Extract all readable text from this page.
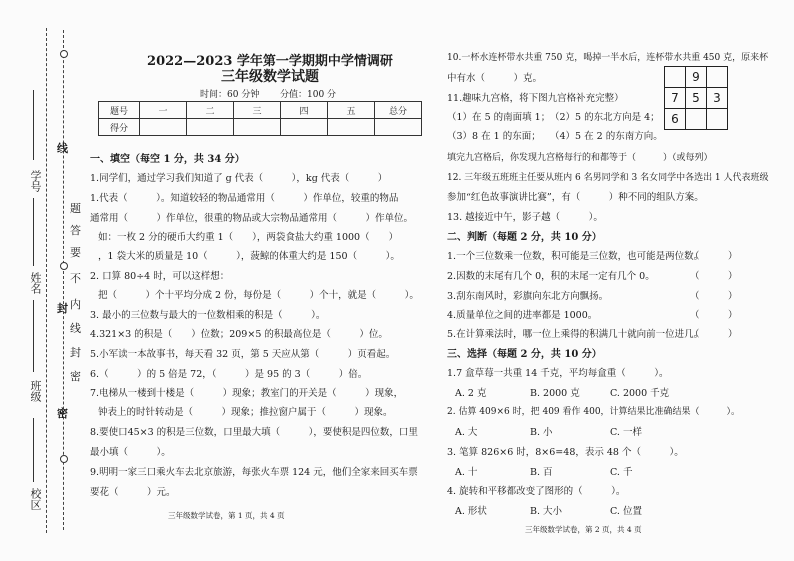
学号
姓名
班级
校区
线
题
答
要
不
内
线
封
密
封
密
2022—2023 学年第一学期期中学情调研
三年级数学试题
时间：60 分钟 分值：100 分
题号	一	二	三	四	五	总分
得分						
一、填空（每空 1 分，共 34 分）
1.同学们，通过学习我们知道了 g 代表（　　　），kg 代表（　　　）
1.代表（　　　）。知道较轻的物品通常用（　　　）作单位，较重的物品
通常用（　　　）作单位，很重的物品或大宗物品通常用（　　　）作单位。
如：一枚 2 分的硬币大约重 1（　　），两袋食盐大约重 1000（　　）
，1 袋大米的质量是 10（　　　），菠鲸的体重大约是 150（　　　）。
2. 口算 80÷4 时，可以这样想：
把（　　　）个十平均分成 2 份，每份是（　　　）个十，就是（　　　）。
3. 最小的三位数与最大的一位数相乘的积是（　　　）。
4.321×3 的积是（　　）位数；209×5 的积最高位是（　　　）位。
5.小军读一本故事书，每天看 32 页，第 5 天应从第（　　　）页看起。
6.（　　　）的 5 倍是 72，（　　　）是 95 的 3（　　　）倍。
7.电梯从一楼到十楼是（　　　）现象；教室门的开关是（　　　）现象，
钟表上的时针转动是（　　　）现象；推拉窗户属于（　　　）现象。
8.要使口45×3 的积是三位数，口里最大填（　　　），要使积是四位数，口里
最小填（　　　）。
9.明明一家三口乘火车去北京旅游，每张火车票 124 元，他们全家来回买车票
要花（　　　）元。
三年级数学试卷，第 1 页，共 4 页
10.一杯水连杯带水共重 750 克，喝掉一半水后，连杯带水共重 450 克，原来杯
中有水（　　　）克。
11.趣味九宫格，将下图九宫格补充完整）
（1）在 5 的南面填 1； （2）5 的东北方向是 4；
（3）8 在 1 的东面； （4）5 在 2 的东南方向。
	9	
7	5	3
6		
填完九宫格后，你发现九宫格每行的和都等于（　　　）（或每列）
12. 三年级五班班主任要从班内 6 名男同学和 3 名女同学中各选出 1 人代表班级
参加“红色故事演讲比赛”，有（　　　）种不同的组队方案。
13. 越接近中午，影子越（　　　）。
二、判断（每题 2 分，共 10 分）
1.一个三位数乘一位数，积可能是三位数，也可能是两位数。
（　　　）
2.因数的末尾有几个 0，积的末尾一定有几个 0。	（　　　）
3.刮东南风时，彩旗向东北方向飘扬。	（　　　）
4.质量单位之间的进率都是 1000。	（　　　）
5.在计算乘法时，哪一位上乘得的积满几十就向前一位进几。
（　　　）
三、选择（每题 2 分，共 10 分）
1.7 盒草莓一共重 14 千克，平均每盒重（　　　）。
A. 2 克	B. 2000 克	C. 2000 千克
2. 估算 409×6 时，把 409 看作 400，计算结果比准确结果（　　　）。
A. 大	B. 小	C. 一样
3. 笔算 826×6 时，8×6=48，表示 48 个（　　　）。
A. 十	B. 百	C. 千
4. 旋转和平移都改变了图形的（　　　）。
A. 形状	B. 大小	C. 位置
三年级数学试卷，第 2 页，共 4 页
